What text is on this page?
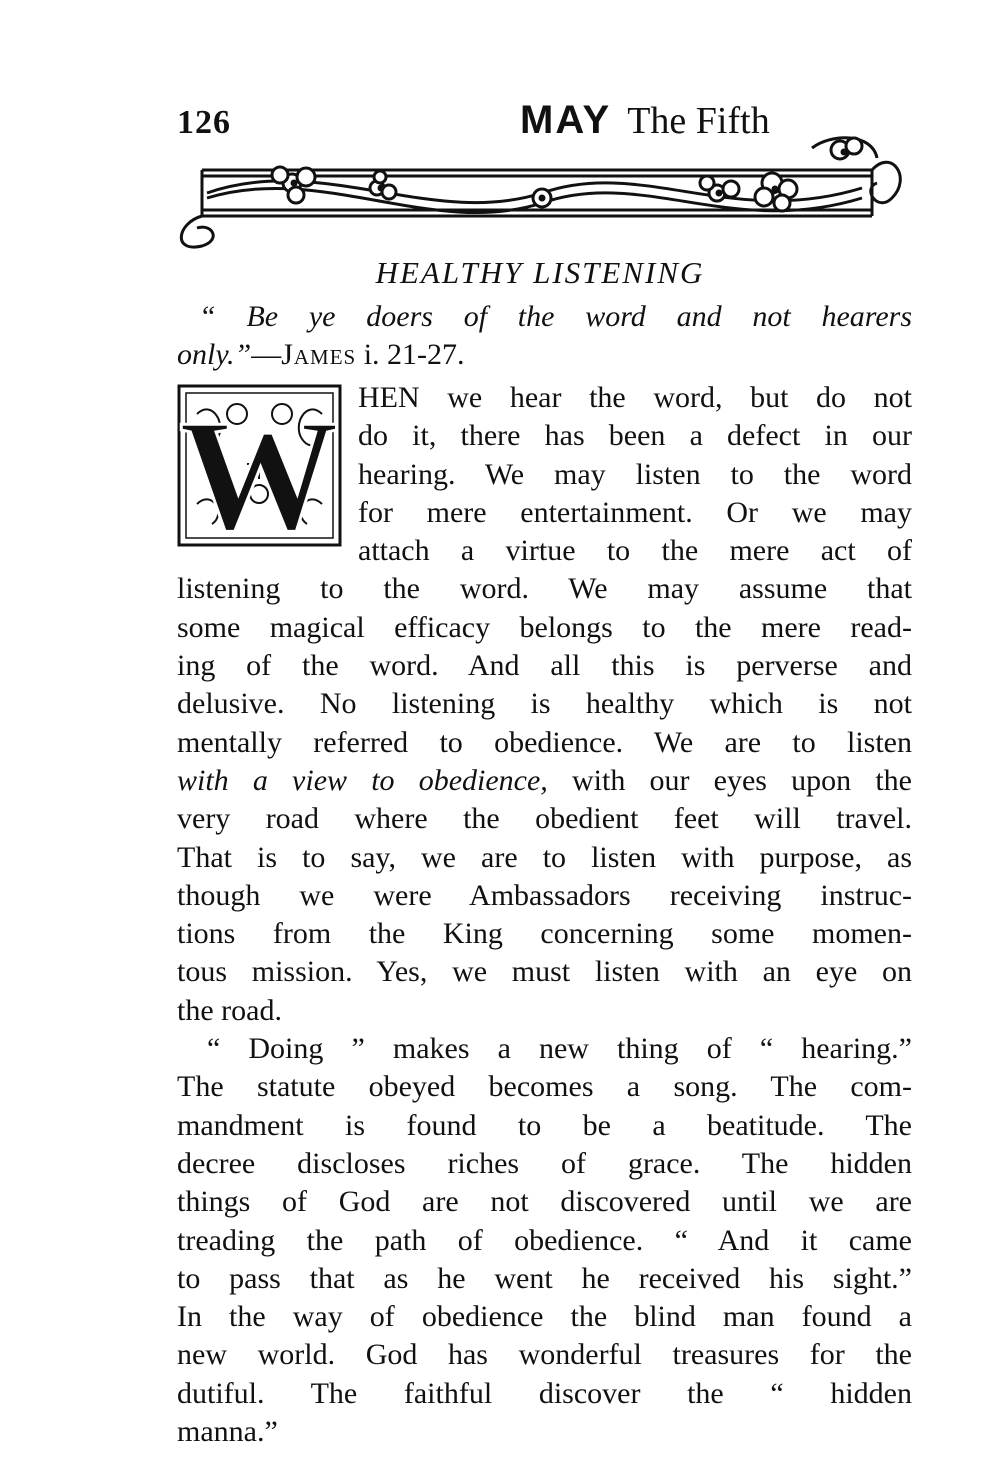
126	MAY The Fifth
HEALTHY LISTENING
“ Be ye doers of the word and not hearers
only.”—James i. 21-27.
W HEN we hear the word, but do not
do it, there has been a defect in our
hearing. We may listen to the word
for mere entertainment. Or we may
attach a virtue to the mere act of
listening to the word. We may assume that
some magical efficacy belongs to the mere read-
ing of the word. And all this is perverse and
delusive. No listening is healthy which is not
mentally referred to obedience. We are to listen
with a view to obedience, with our eyes upon the
very road where the obedient feet will travel.
That is to say, we are to listen with purpose, as
though we were Ambassadors receiving instruc-
tions from the King concerning some momen-
tous mission. Yes, we must listen with an eye on
the road.
“ Doing ” makes a new thing of “ hearing.”
The statute obeyed becomes a song. The com-
mandment is found to be a beatitude. The
decree discloses riches of grace. The hidden
things of God are not discovered until we are
treading the path of obedience. “ And it came
to pass that as he went he received his sight.”
In the way of obedience the blind man found a
new world. God has wonderful treasures for the
dutiful. The faithful discover the “ hidden
manna.”
